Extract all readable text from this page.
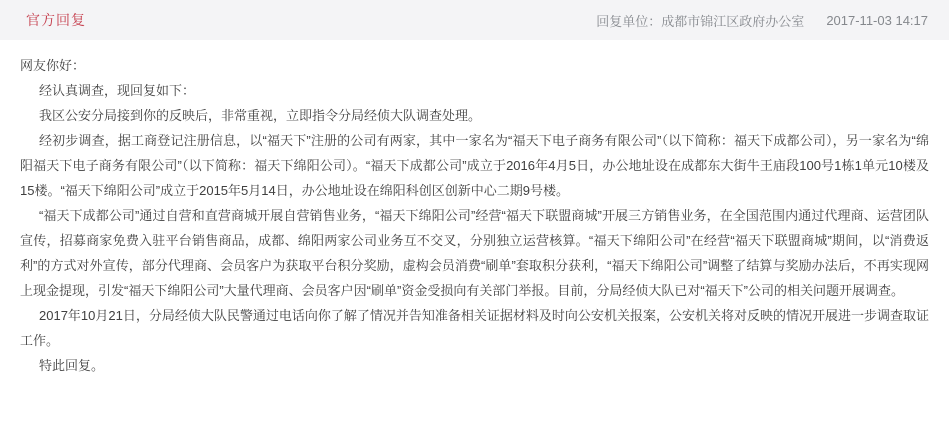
官方回复	回复单位：成都市锦江区政府办公室 2017-11-03 14:17

网友你好：

经认真调查，现回复如下：

我区公安分局接到你的反映后，非常重视，立即指令分局经侦大队调查处理。

经初步调查，据工商登记注册信息，以“福天下”注册的公司有两家，其中一家名为“福天下电子商务有限公司”（以下简称：福天下成都公司），另一家名为“绵阳福天下电子商务有限公司”（以下简称：福天下绵阳公司）。“福天下成都公司”成立于2016年4月5日，办公地址设在成都东大街牛王庙段100号1栋1单元10楼及15楼。“福天下绵阳公司”成立于2015年5月14日，办公地址设在绵阳科创区创新中心二期9号楼。

“福天下成都公司”通过自营和直营商城开展自营销售业务，“福天下绵阳公司”经营“福天下联盟商城”开展三方销售业务，在全国范围内通过代理商、运营团队宣传，招募商家免费入驻平台销售商品，成都、绵阳两家公司业务互不交叉，分别独立运营核算。“福天下绵阳公司”在经营“福天下联盟商城”期间，以“消费返利”的方式对外宣传，部分代理商、会员客户为获取平台积分奖励，虚构会员消费“刷单”套取积分获利，“福天下绵阳公司”调整了结算与奖励办法后，不再实现网上现金提现，引发“福天下绵阳公司”大量代理商、会员客户因“刷单”资金受损向有关部门举报。目前，分局经侦大队已对“福天下”公司的相关问题开展调查。

2017年10月21日，分局经侦大队民警通过电话向你了解了情况并告知准备相关证据材料及时向公安机关报案，公安机关将对反映的情况开展进一步调查取证工作。

特此回复。
